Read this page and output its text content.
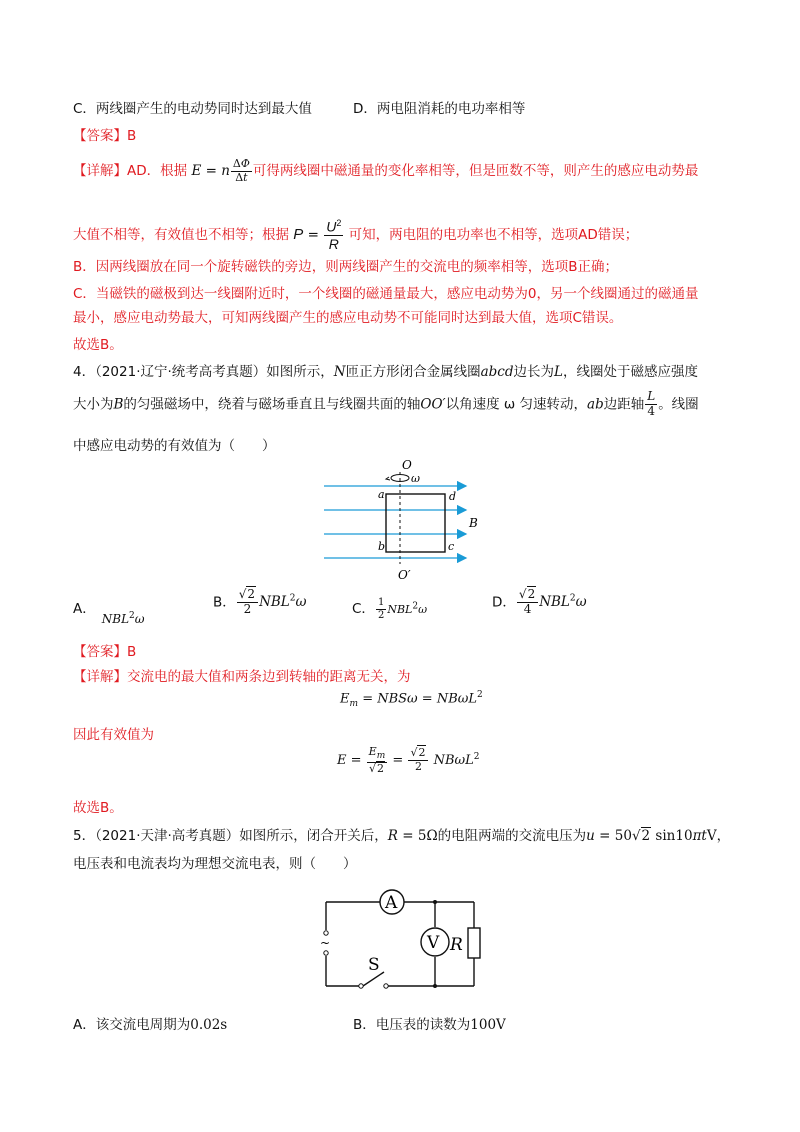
C．两线圈产生的电动势同时达到最大值	D．两电阻消耗的电功率相等
【答案】B
【详解】AD．根据 E = n $\frac{\Delta\Phi}{\Delta t}$ 可得两线圈中磁通量的变化率相等，但是匝数不等，则产生的感应电动势最
大值不相等，有效值也不相等；根据 $P = \frac{U^2}{R}$ 可知，两电阻的电功率也不相等，选项AD错误；
B．因两线圈放在同一个旋转磁铁的旁边，则两线圈产生的交流电的频率相等，选项B正确；
C．当磁铁的磁极到达一线圈附近时，一个线圈的磁通量最大，感应电动势为0，另一个线圈通过的磁通量
最小，感应电动势最大，可知两线圈产生的感应电动势不可能同时达到最大值，选项C错误。
故选B。
4．（2021·辽宁·统考高考真题）如图所示，N匝正方形闭合金属线圈abcd边长为L，线圈处于磁感应强度
大小为B的匀强磁场中，绕着与磁场垂直且与线圈共面的轴OO′以角速度 ω 匀速转动，ab边距轴 $\frac{L}{4}$ 。线圈
中感应电动势的有效值为（　　）
O
ω
a	d
b	c
B
O′
A．NBL$^2$ω
B． $\frac{√2}{2} NBL^2\omega$	C． $\frac{1}{2} NBL^2\omega$	D． $\frac{√2}{4} NBL^2\omega$
【答案】B
【详解】交流电的最大值和两条边到转轴的距离无关，为
$E_m = NBS\omega = NB\omega L^2$
因此有效值为
$E = \frac{E_m}{√2} = \frac{√2}{2} NB\omega L^2$
故选B。
5．（2021·天津·高考真题）如图所示，闭合开关后，R = 5Ω的电阻两端的交流电压为u = 50√2 sin10πtV，
电压表和电流表均为理想交流电表，则（　　）
A
V R
S
~
A．该交流电周期为0.02s	B．电压表的读数为100V
